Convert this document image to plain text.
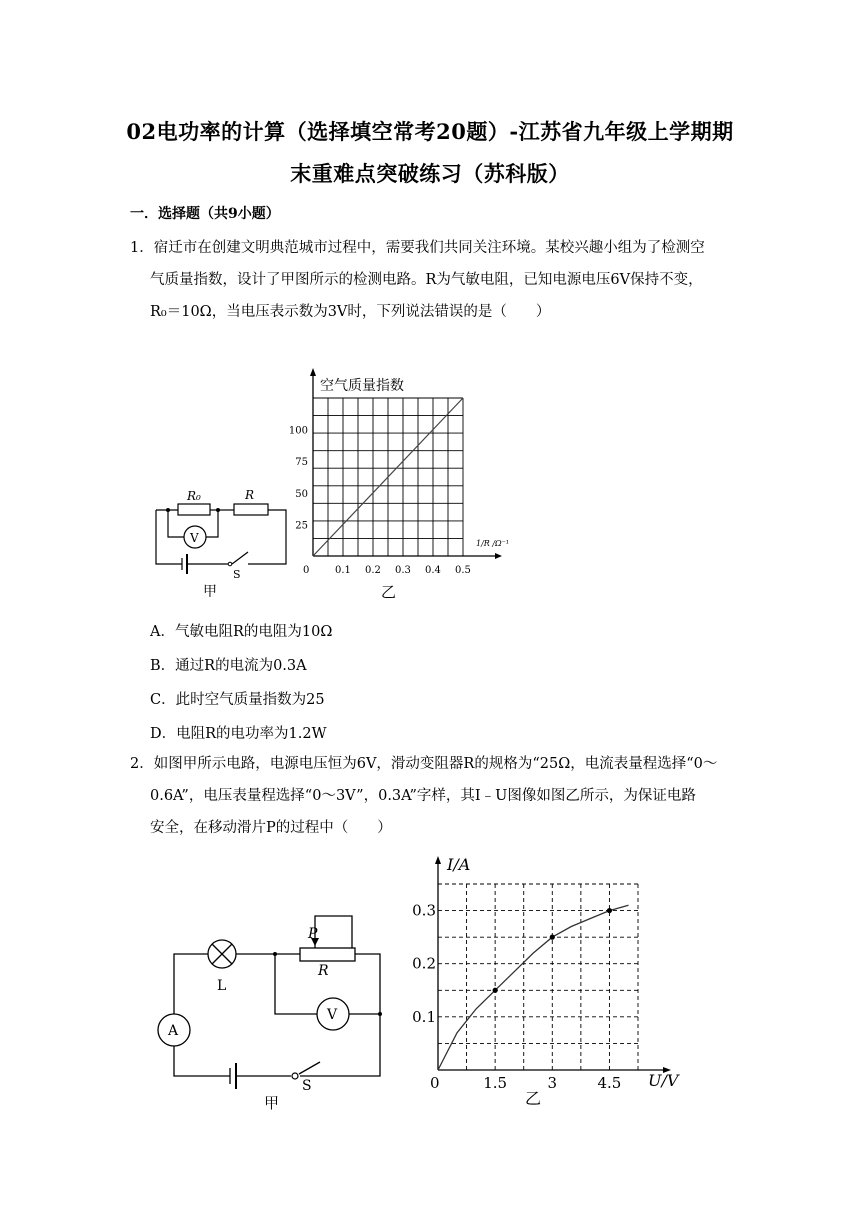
02电功率的计算（选择填空常考20题）-江苏省九年级上学期期
末重难点突破练习（苏科版）
一．选择题（共9小题）
1．宿迁市在创建文明典范城市过程中，需要我们共同关注环境。某校兴趣小组为了检测空
气质量指数，设计了甲图所示的检测电路。R为气敏电阻，已知电源电压6V保持不变，
R₀＝10Ω，当电压表示数为3V时，下列说法错误的是（　　）
R₀	R
V
S
甲
0	0.1 0.2 0.3 0.4 0.5
25
50
75
100
空气质量指数
1/R /Ω⁻¹
乙
A．气敏电阻R的电阻为10Ω
B．通过R的电流为0.3A
C．此时空气质量指数为25
D．电阻R的电功率为1.2W
2．如图甲所示电路，电源电压恒为6V，滑动变阻器R的规格为“25Ω，电流表量程选择“0～
0.6A”，电压表量程选择“0～3V”，0.3A”字样，其I﹣U图像如图乙所示，为保证电路
安全，在移动滑片P的过程中（　　）
L
P
R
V
A
S
甲
0	1.5	3	4.5
0.1
0.2
0.3
I/A
U/V
乙
